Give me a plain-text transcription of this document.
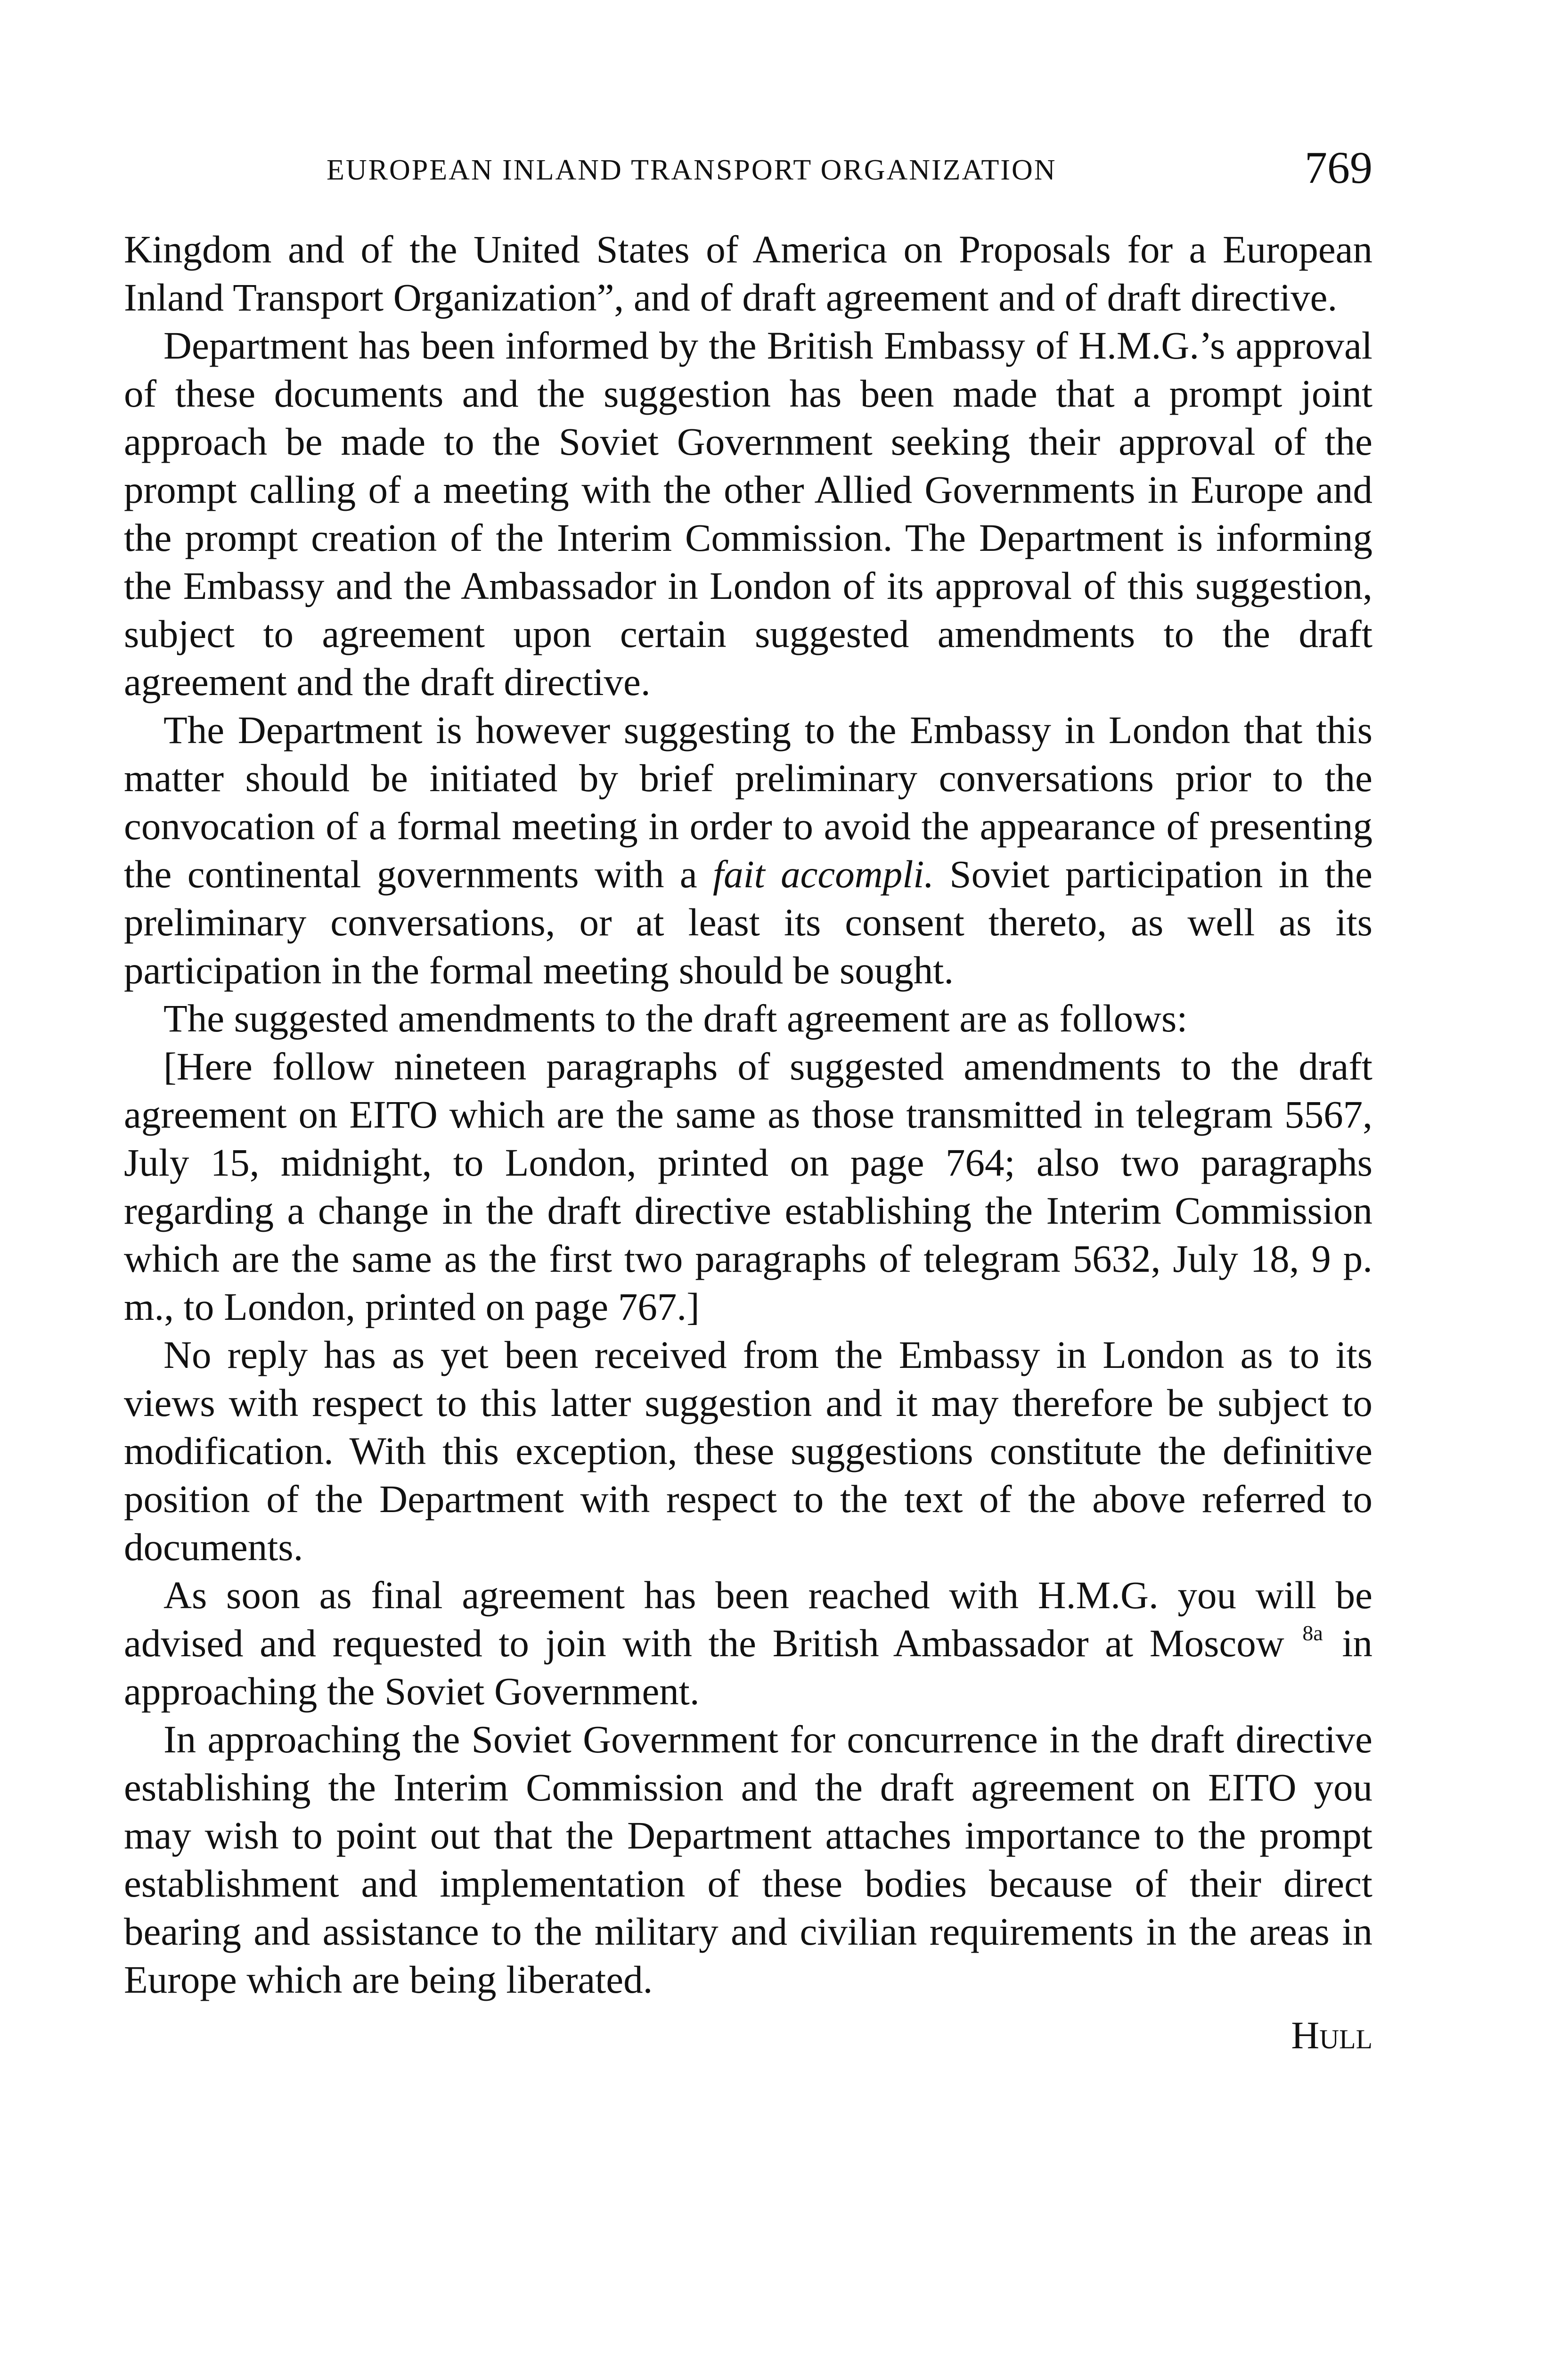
EUROPEAN INLAND TRANSPORT ORGANIZATION	769

Kingdom and of the United States of America on Proposals for a European Inland Transport Organization”, and of draft agreement and of draft directive.

Department has been informed by the British Embassy of H.M.G.’s approval of these documents and the suggestion has been made that a prompt joint approach be made to the Soviet Government seeking their approval of the prompt calling of a meeting with the other Allied Governments in Europe and the prompt creation of the Interim Commission. The Department is informing the Embassy and the Ambassador in London of its approval of this suggestion, subject to agreement upon certain suggested amendments to the draft agreement and the draft directive.

The Department is however suggesting to the Embassy in London that this matter should be initiated by brief preliminary conversations prior to the convocation of a formal meeting in order to avoid the appearance of presenting the continental governments with a fait accompli. Soviet participation in the preliminary conversations, or at least its consent thereto, as well as its participation in the formal meeting should be sought.

The suggested amendments to the draft agreement are as follows:

[Here follow nineteen paragraphs of suggested amendments to the draft agreement on EITO which are the same as those transmitted in telegram 5567, July 15, midnight, to London, printed on page 764; also two paragraphs regarding a change in the draft directive establishing the Interim Commission which are the same as the first two paragraphs of telegram 5632, July 18, 9 p. m., to London, printed on page 767.]

No reply has as yet been received from the Embassy in London as to its views with respect to this latter suggestion and it may therefore be subject to modification. With this exception, these suggestions constitute the definitive position of the Department with respect to the text of the above referred to documents.

As soon as final agreement has been reached with H.M.G. you will be advised and requested to join with the British Ambassador at Moscow $^{8a}$ in approaching the Soviet Government.

In approaching the Soviet Government for concurrence in the draft directive establishing the Interim Commission and the draft agreement on EITO you may wish to point out that the Department attaches importance to the prompt establishment and implementation of these bodies because of their direct bearing and assistance to the military and civilian requirements in the areas in Europe which are being liberated.

Hull
